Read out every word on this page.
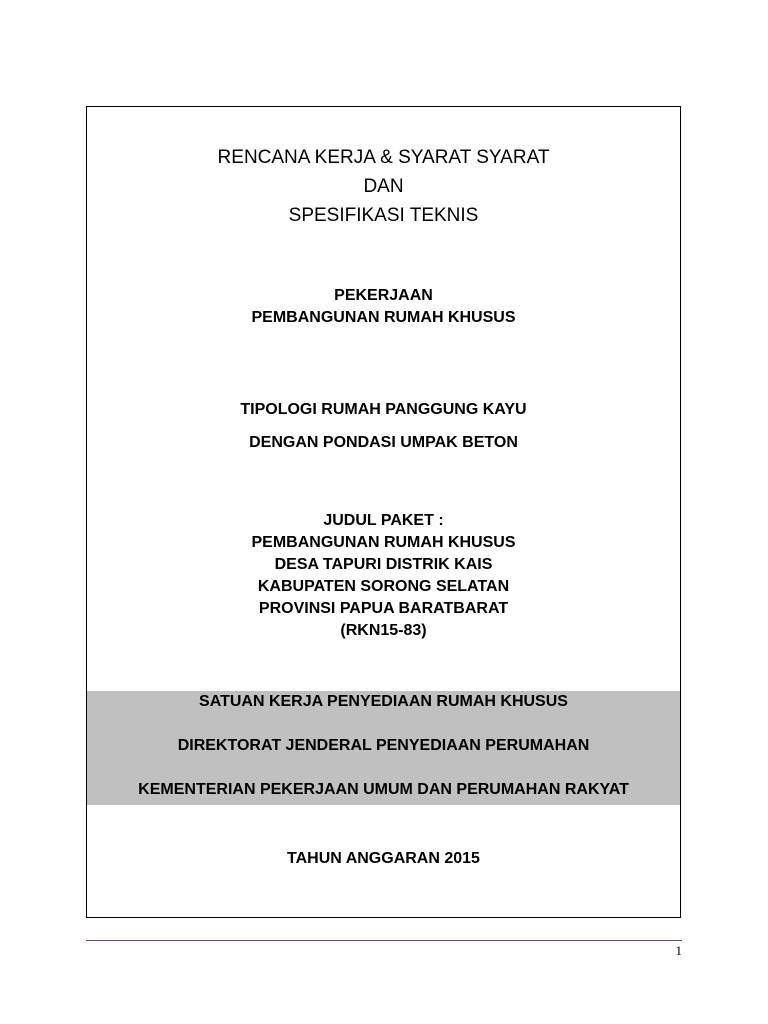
RENCANA KERJA & SYARAT SYARAT
DAN
SPESIFIKASI TEKNIS
PEKERJAAN
PEMBANGUNAN RUMAH KHUSUS
TIPOLOGI RUMAH PANGGUNG KAYU
DENGAN PONDASI UMPAK BETON
JUDUL PAKET :
PEMBANGUNAN RUMAH KHUSUS
DESA TAPURI DISTRIK KAIS
KABUPATEN SORONG SELATAN
PROVINSI PAPUA BARATBARAT
(RKN15-83)
SATUAN KERJA PENYEDIAAN RUMAH KHUSUS
DIREKTORAT JENDERAL PENYEDIAAN PERUMAHAN
KEMENTERIAN PEKERJAAN UMUM DAN PERUMAHAN RAKYAT
TAHUN ANGGARAN 2015
1
